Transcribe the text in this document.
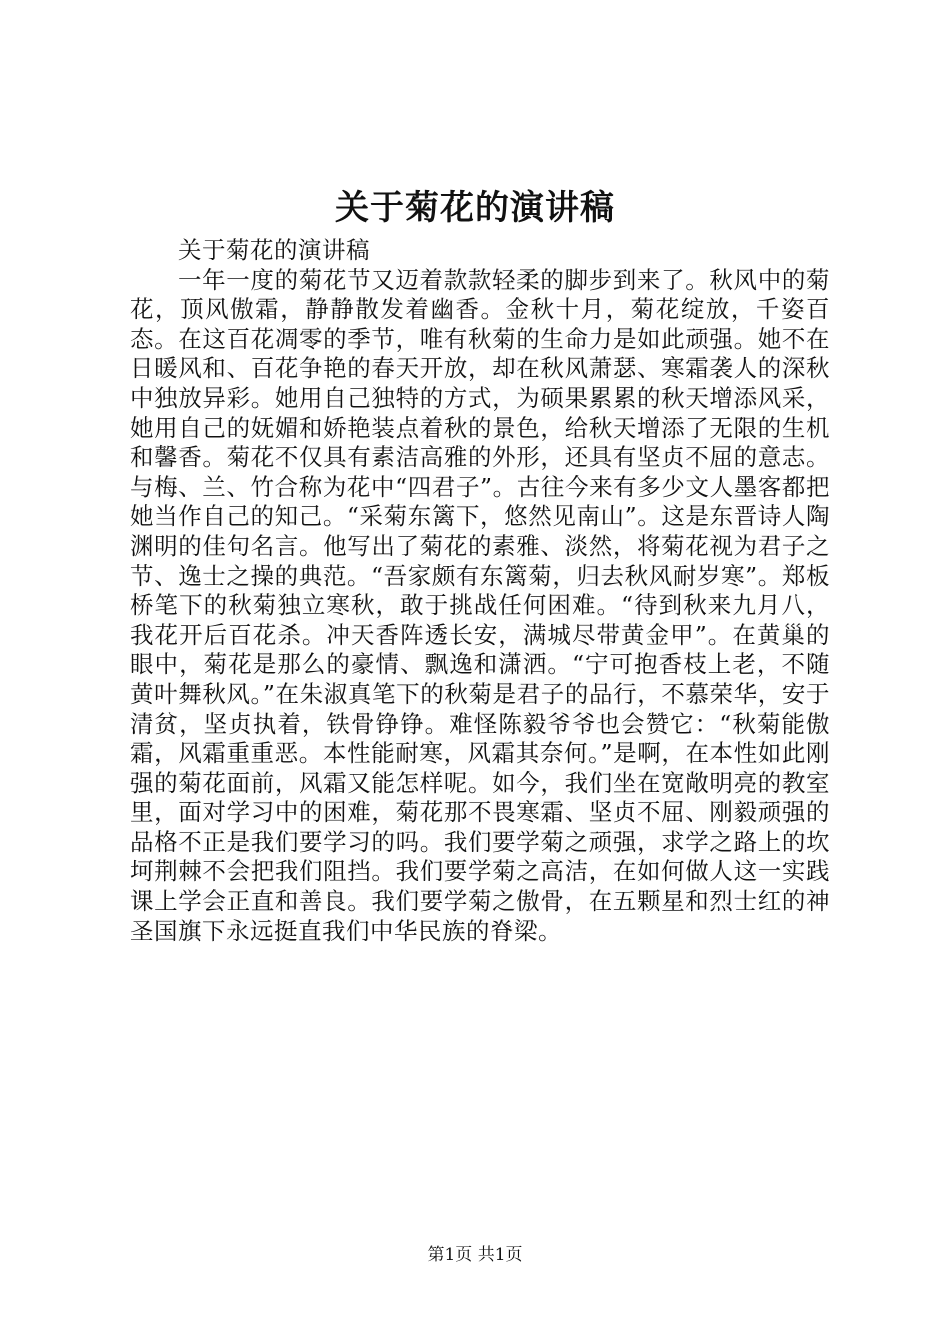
关于菊花的演讲稿

关于菊花的演讲稿

一年一度的菊花节又迈着款款轻柔的脚步到来了。秋风中的菊花，顶风傲霜，静静散发着幽香。金秋十月，菊花绽放，千姿百态。在这百花凋零的季节，唯有秋菊的生命力是如此顽强。她不在日暖风和、百花争艳的春天开放，却在秋风萧瑟、寒霜袭人的深秋中独放异彩。她用自己独特的方式，为硕果累累的秋天增添风采，她用自己的妩媚和娇艳装点着秋的景色，给秋天增添了无限的生机和馨香。菊花不仅具有素洁高雅的外形，还具有坚贞不屈的意志。与梅、兰、竹合称为花中“四君子”。古往今来有多少文人墨客都把她当作自己的知己。“采菊东篱下，悠然见南山”。这是东晋诗人陶渊明的佳句名言。他写出了菊花的素雅、淡然，将菊花视为君子之节、逸士之操的典范。“吾家颇有东篱菊，归去秋风耐岁寒”。郑板桥笔下的秋菊独立寒秋，敢于挑战任何困难。“待到秋来九月八，我花开后百花杀。冲天香阵透长安，满城尽带黄金甲”。在黄巢的眼中，菊花是那么的豪情、飘逸和潇洒。“宁可抱香枝上老，不随黄叶舞秋风。”在朱淑真笔下的秋菊是君子的品行，不慕荣华，安于清贫，坚贞执着，铁骨铮铮。难怪陈毅爷爷也会赞它：“秋菊能傲霜，风霜重重恶。本性能耐寒，风霜其奈何。”是啊，在本性如此刚强的菊花面前，风霜又能怎样呢。如今，我们坐在宽敞明亮的教室里，面对学习中的困难，菊花那不畏寒霜、坚贞不屈、刚毅顽强的品格不正是我们要学习的吗。我们要学菊之顽强，求学之路上的坎坷荆棘不会把我们阻挡。我们要学菊之高洁，在如何做人这一实践课上学会正直和善良。我们要学菊之傲骨，在五颗星和烈士红的神圣国旗下永远挺直我们中华民族的脊梁。

第1页 共1页
